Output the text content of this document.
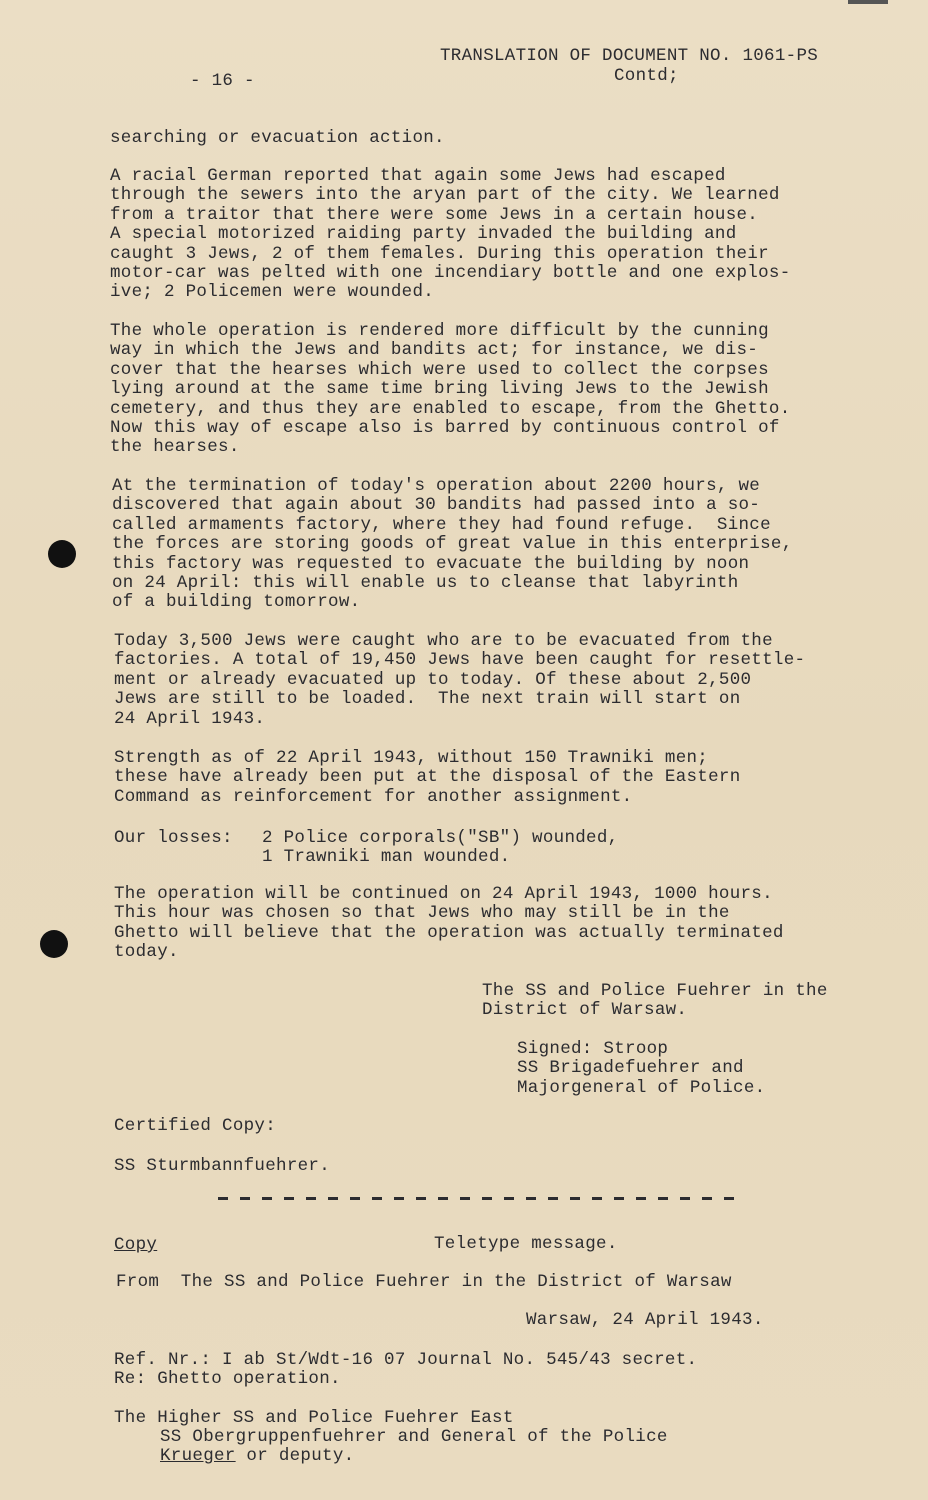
TRANSLATION OF DOCUMENT NO. 1061-PS
Contd;
- 16 -
searching or evacuation action.
A racial German reported that again some Jews had escaped
through the sewers into the aryan part of the city. We learned
from a traitor that there were some Jews in a certain house.
A special motorized raiding party invaded the building and
caught 3 Jews, 2 of them females. During this operation their
motor-car was pelted with one incendiary bottle and one explos-
ive; 2 Policemen were wounded.
The whole operation is rendered more difficult by the cunning
way in which the Jews and bandits act; for instance, we dis-
cover that the hearses which were used to collect the corpses
lying around at the same time bring living Jews to the Jewish
cemetery, and thus they are enabled to escape, from the Ghetto.
Now this way of escape also is barred by continuous control of
the hearses.
At the termination of today's operation about 2200 hours, we
discovered that again about 30 bandits had passed into a so-
called armaments factory, where they had found refuge.  Since
the forces are storing goods of great value in this enterprise,
this factory was requested to evacuate the building by noon
on 24 April: this will enable us to cleanse that labyrinth
of a building tomorrow.
Today 3,500 Jews were caught who are to be evacuated from the
factories. A total of 19,450 Jews have been caught for resettle-
ment or already evacuated up to today. Of these about 2,500
Jews are still to be loaded.  The next train will start on
24 April 1943.
Strength as of 22 April 1943, without 150 Trawniki men;
these have already been put at the disposal of the Eastern
Command as reinforcement for another assignment.
2 Police corporals("SB") wounded,
1 Trawniki man wounded.
The operation will be continued on 24 April 1943, 1000 hours.
This hour was chosen so that Jews who may still be in the
Ghetto will believe that the operation was actually terminated
today.
The SS and Police Fuehrer in the
District of Warsaw.
Signed: Stroop
SS Brigadefuehrer and
Majorgeneral of Police.
Our losses:
Certified Copy:
SS Sturmbannfuehrer.
Copy	Teletype message.
From  The SS and Police Fuehrer in the District of Warsaw
Warsaw, 24 April 1943.
Ref. Nr.: I ab St/Wdt-16 07 Journal No. 545/43 secret.
Re: Ghetto operation.
The Higher SS and Police Fuehrer East
SS Obergruppenfuehrer and General of the Police
Krueger or deputy.
